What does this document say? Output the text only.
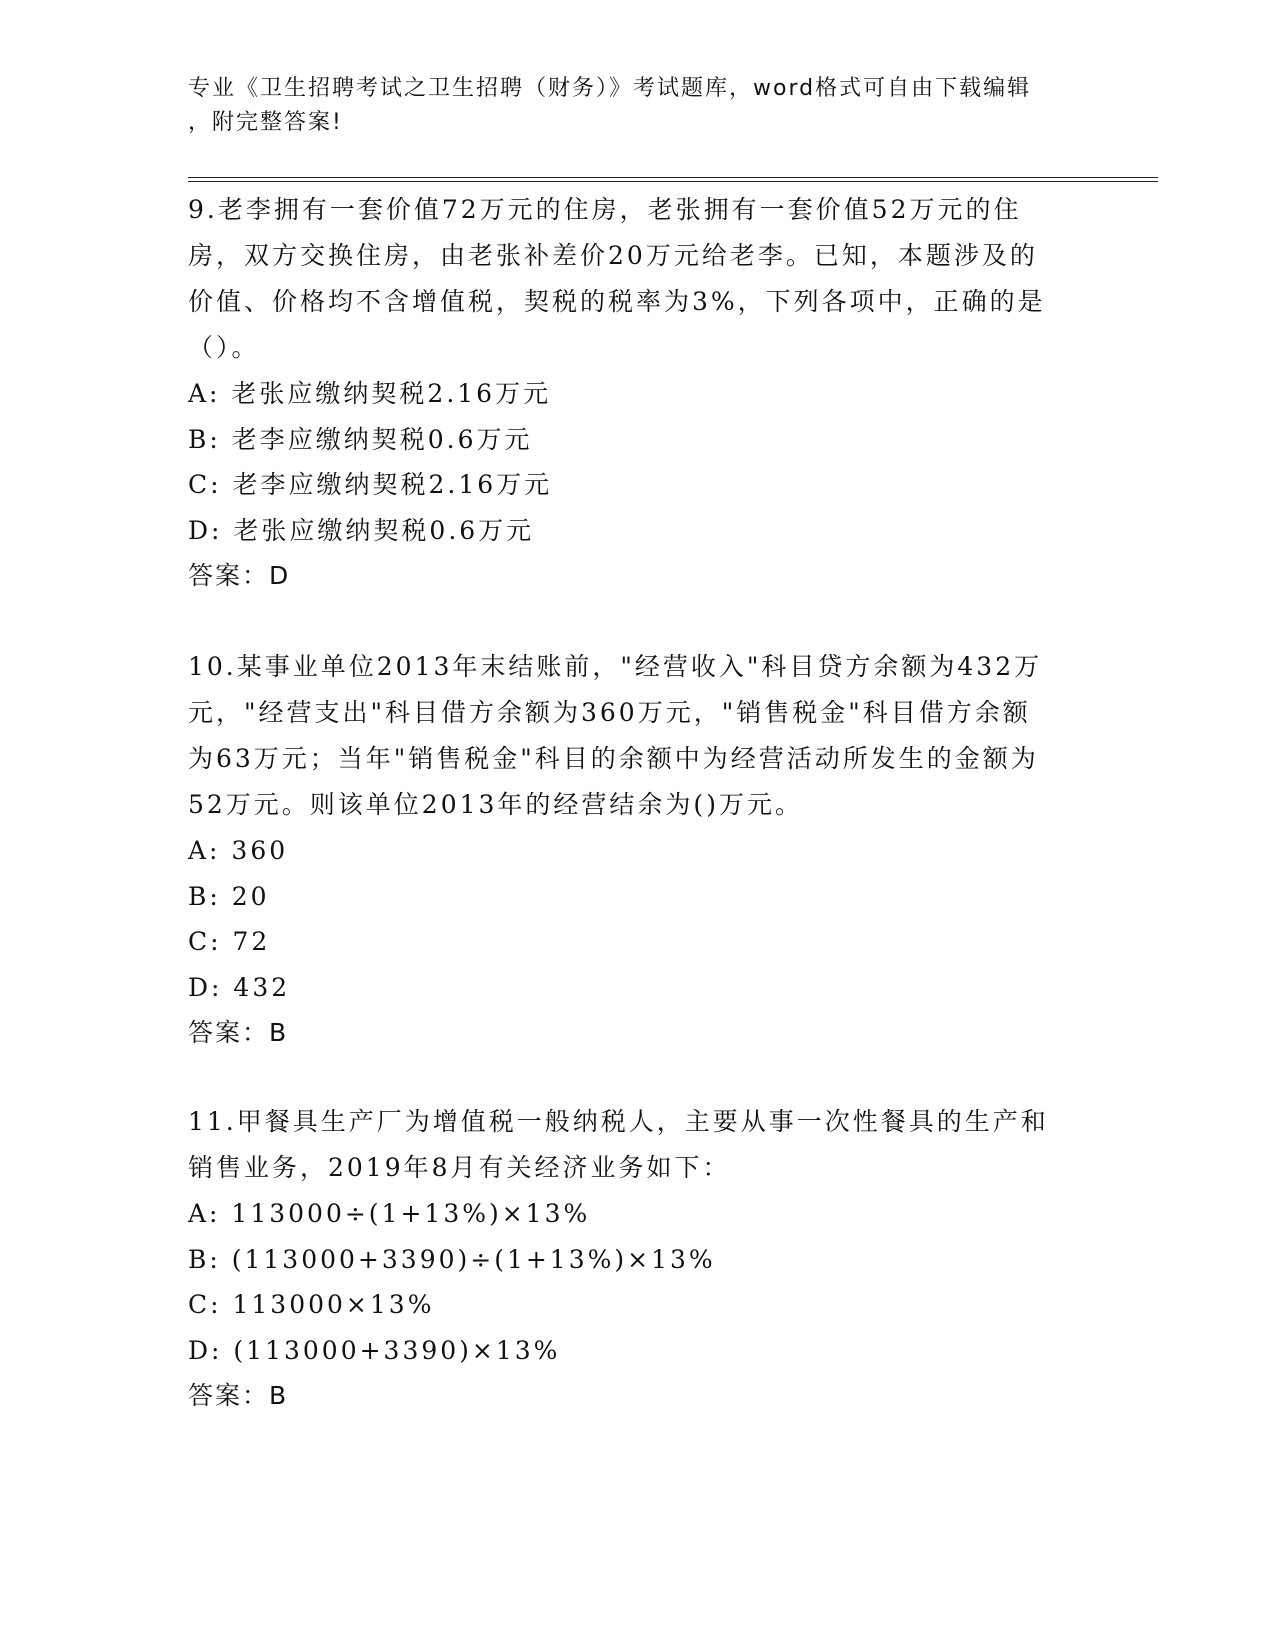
专业《卫生招聘考试之卫生招聘（财务）》考试题库，word格式可自由下载编辑
，附完整答案!
9.老李拥有一套价值72万元的住房，老张拥有一套价值52万元的住
房，双方交换住房，由老张补差价20万元给老李。已知，本题涉及的
价值、价格均不含增值税，契税的税率为3%，下列各项中，正确的是
（）。
A: 老张应缴纳契税2.16万元
B: 老李应缴纳契税0.6万元
C: 老李应缴纳契税2.16万元
D: 老张应缴纳契税0.6万元
答案：D
10.某事业单位2013年末结账前，"经营收入"科目贷方余额为432万
元，"经营支出"科目借方余额为360万元，"销售税金"科目借方余额
为63万元；当年"销售税金"科目的余额中为经营活动所发生的金额为
52万元。则该单位2013年的经营结余为()万元。
A: 360
B: 20
C: 72
D: 432
答案：B
11.甲餐具生产厂为增值税一般纳税人，主要从事一次性餐具的生产和
销售业务，2019年8月有关经济业务如下：
A: 113000÷(1+13%)×13%
B: (113000+3390)÷(1+13%)×13%
C: 113000×13%
D: (113000+3390)×13%
答案：B
